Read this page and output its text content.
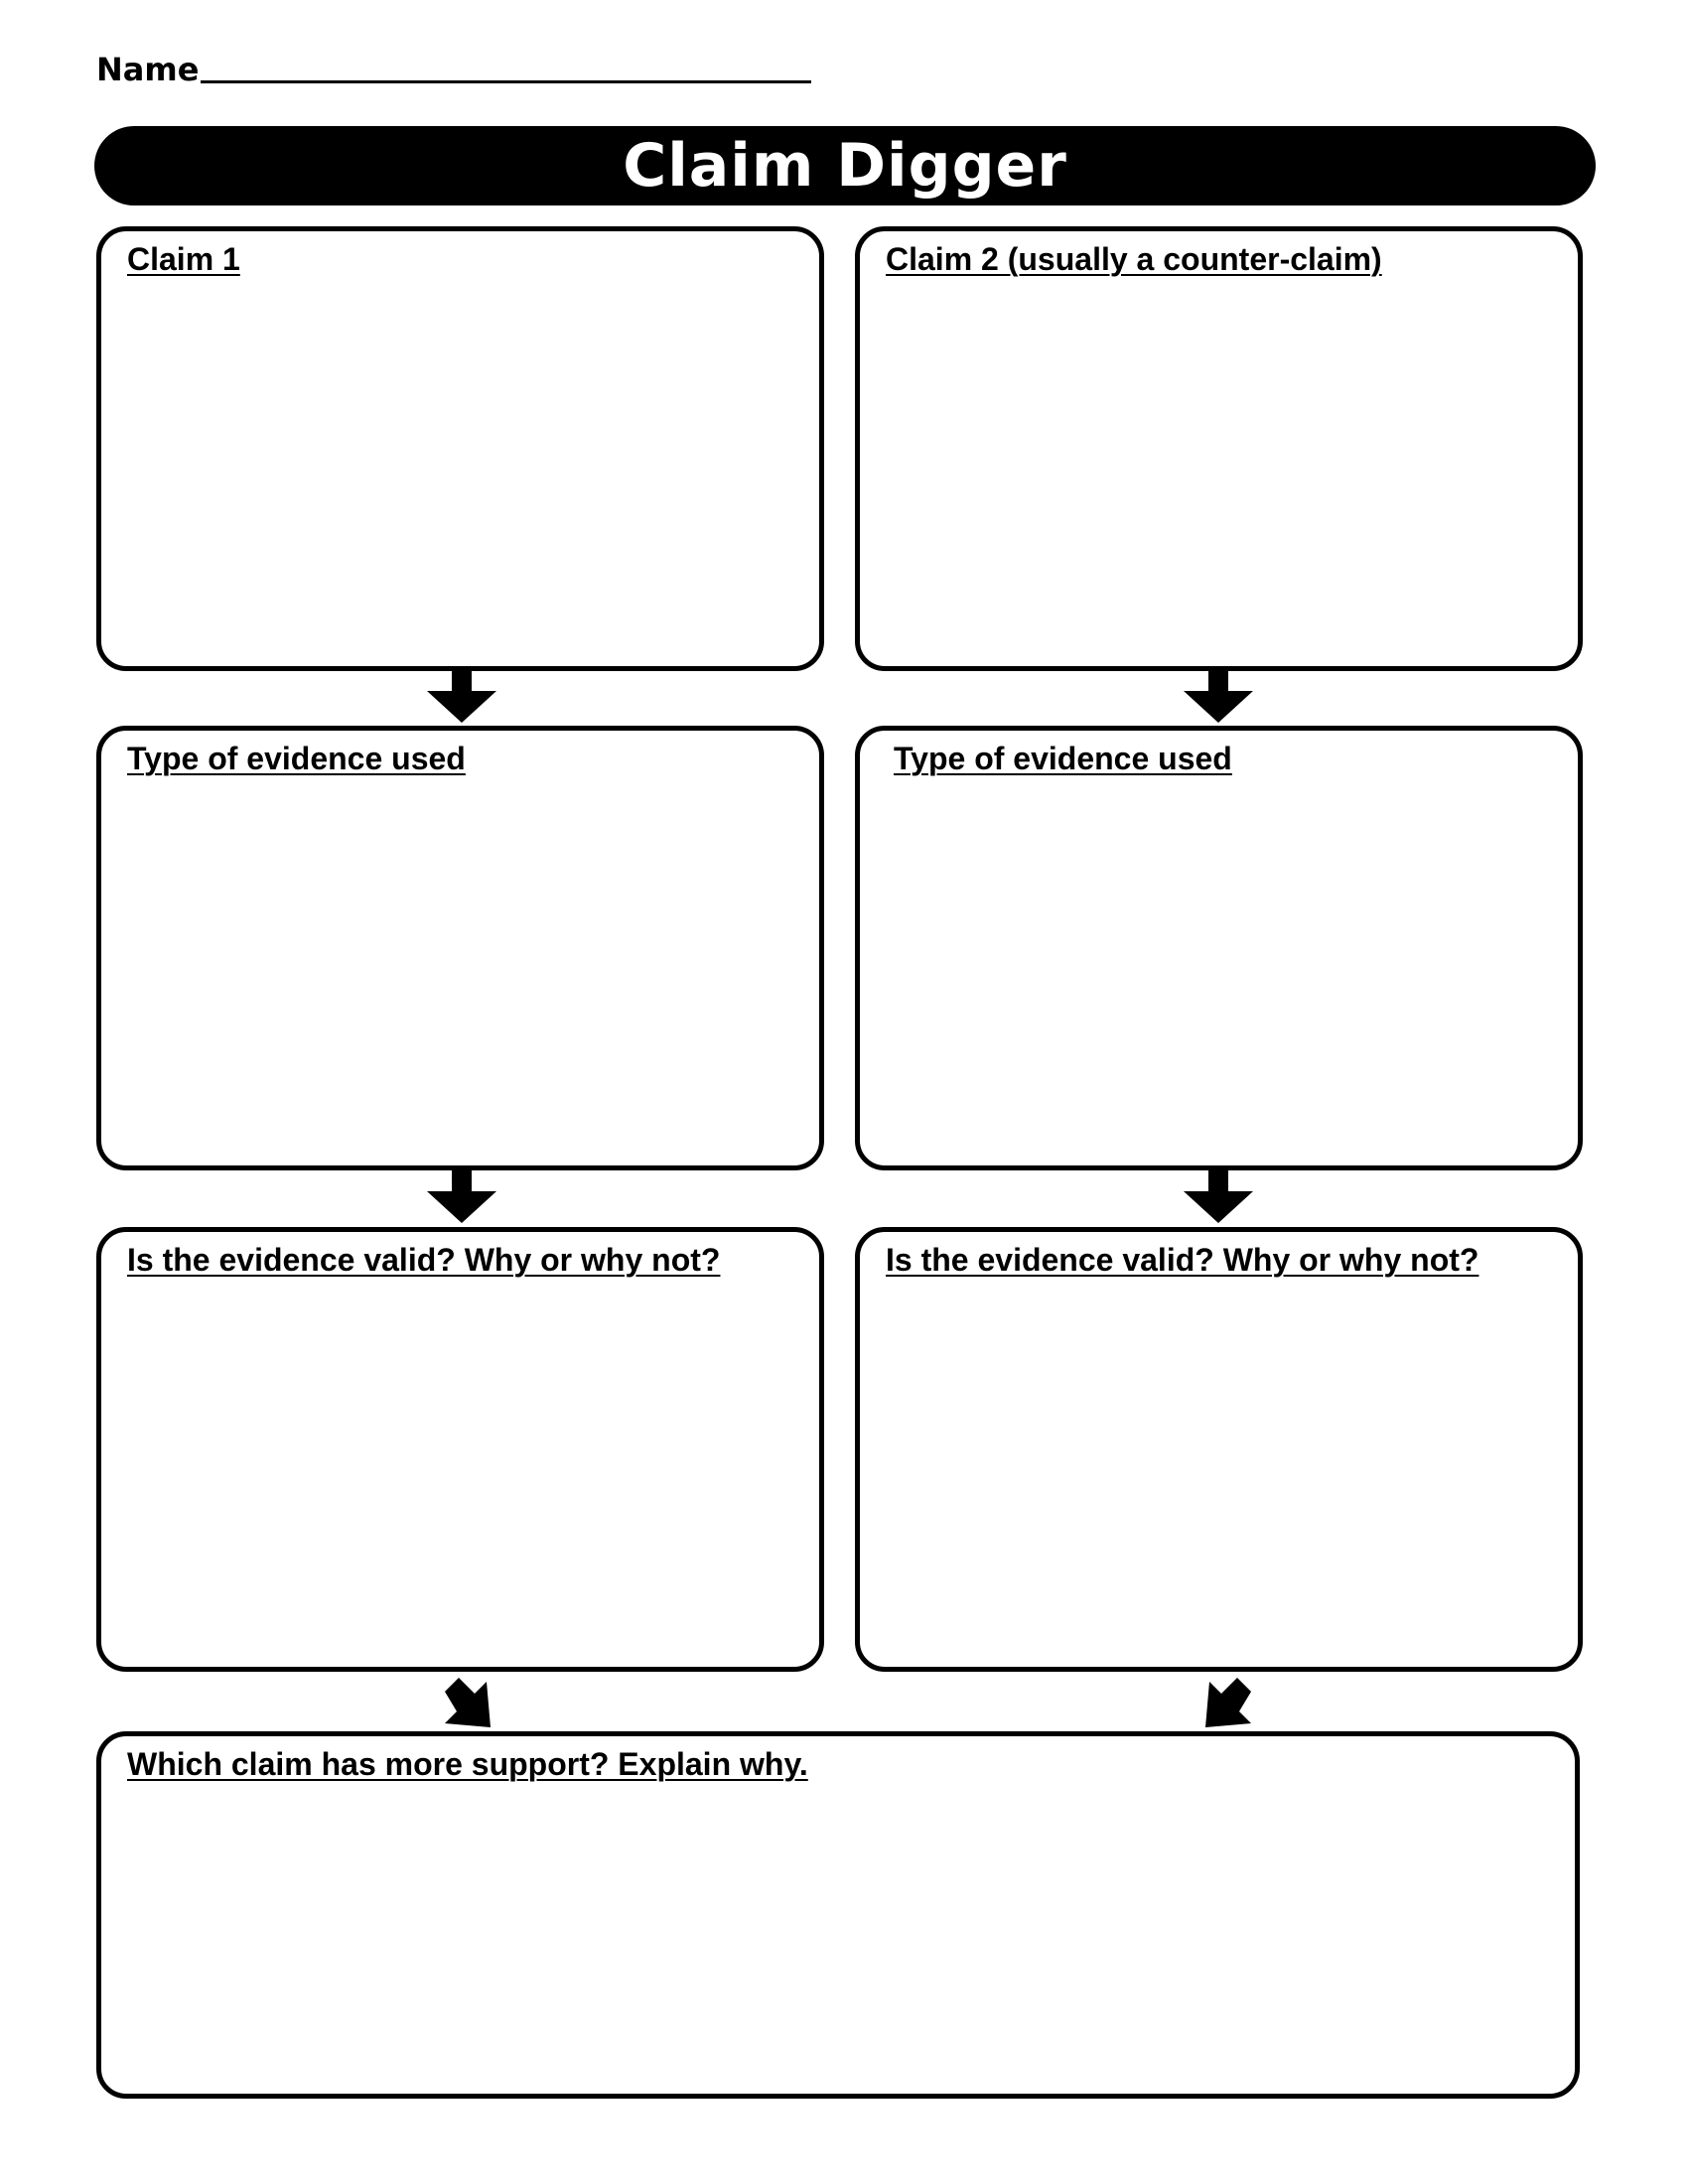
Name
Claim Digger
Claim 1	Claim 2 (usually a counter-claim)
Type of evidence used	Type of evidence used
Is the evidence valid? Why or why not?	Is the evidence valid? Why or why not?
Which claim has more support? Explain why.
